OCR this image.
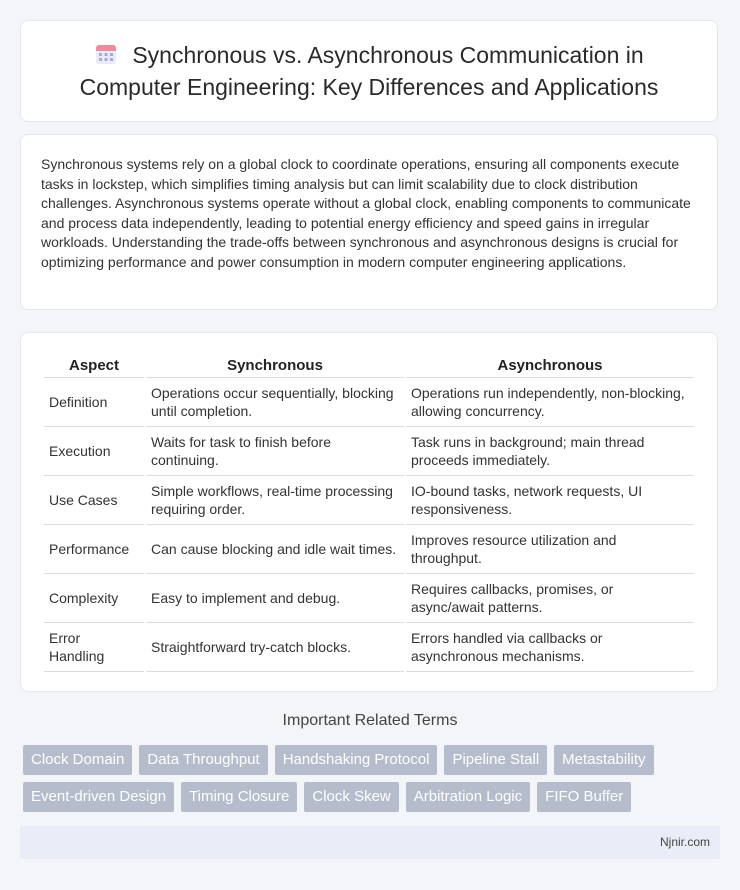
Synchronous vs. Asynchronous Communication in Computer Engineering: Key Differences and Applications

Synchronous systems rely on a global clock to coordinate operations, ensuring all components execute tasks in lockstep, which simplifies timing analysis but can limit scalability due to clock distribution challenges. Asynchronous systems operate without a global clock, enabling components to communicate and process data independently, leading to potential energy efficiency and speed gains in irregular workloads. Understanding the trade-offs between synchronous and asynchronous designs is crucial for optimizing performance and power consumption in modern computer engineering applications.

Aspect	Synchronous	Asynchronous
Definition	Operations occur sequentially, blocking until completion.	Operations run independently, non-blocking, allowing concurrency.
Execution	Waits for task to finish before continuing.	Task runs in background; main thread proceeds immediately.
Use Cases	Simple workflows, real-time processing requiring order.	IO-bound tasks, network requests, UI responsiveness.
Performance	Can cause blocking and idle wait times.	Improves resource utilization and throughput.
Complexity	Easy to implement and debug.	Requires callbacks, promises, or async/await patterns.
Error Handling	Straightforward try-catch blocks.	Errors handled via callbacks or asynchronous mechanisms.
Important Related Terms
Clock Domain	Data Throughput	Handshaking Protocol	Pipeline Stall	Metastability
Event-driven Design	Timing Closure	Clock Skew	Arbitration Logic	FIFO Buffer
Njnir.com
